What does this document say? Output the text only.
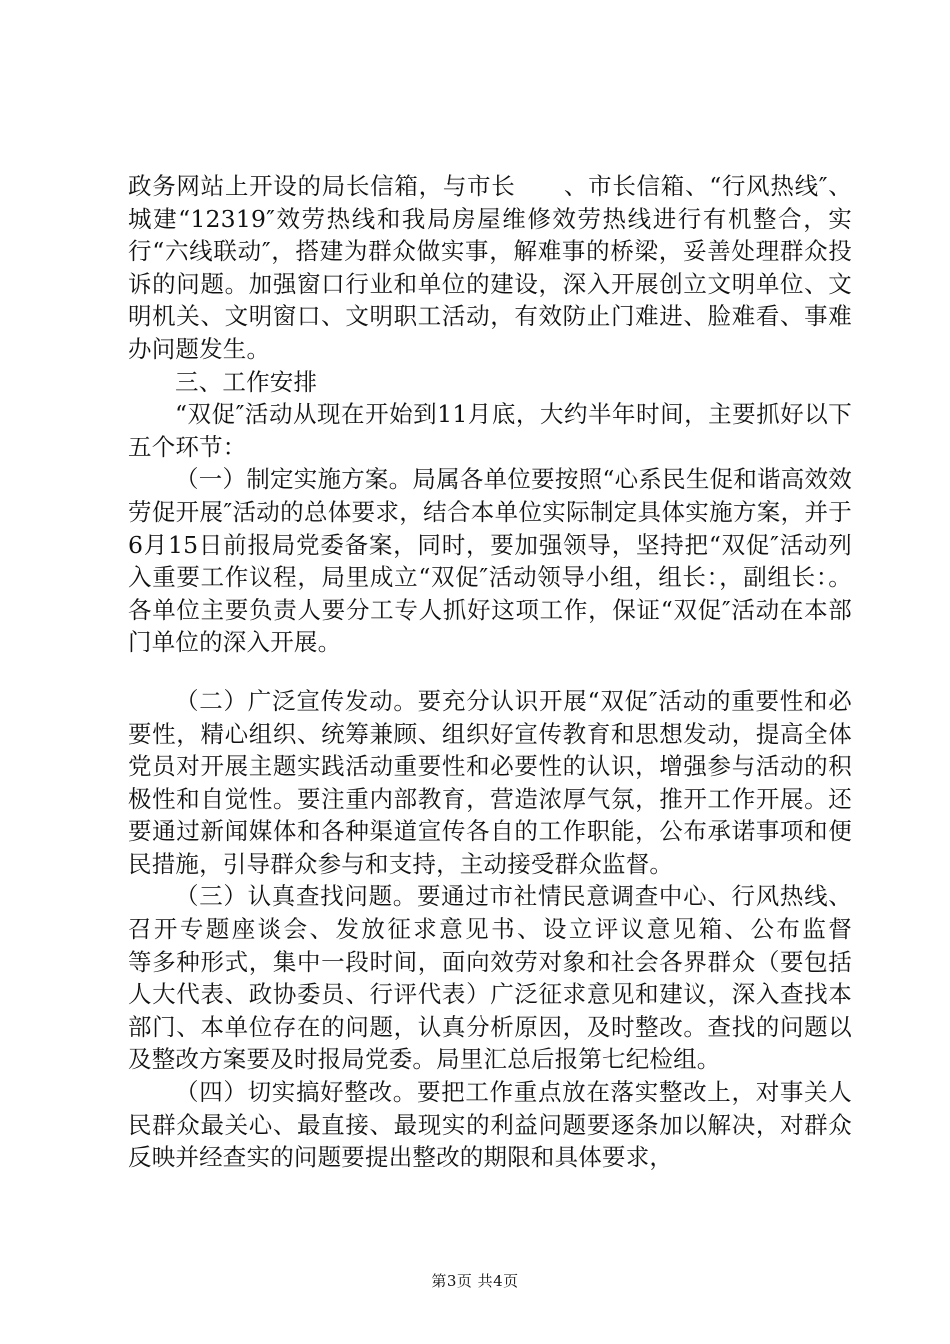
政务网站上开设的局长信箱，与市长　　、市长信箱、“行风热线″、城建“12319″效劳热线和我局房屋维修效劳热线进行有机整合，实行“六线联动″，搭建为群众做实事，解难事的桥梁，妥善处理群众投诉的问题。加强窗口行业和单位的建设，深入开展创立文明单位、文明机关、文明窗口、文明职工活动，有效防止门难进、脸难看、事难办问题发生。

三、工作安排

“双促″活动从现在开始到11月底，大约半年时间，主要抓好以下五个环节：

（一）制定实施方案。局属各单位要按照“心系民生促和谐高效效劳促开展″活动的总体要求，结合本单位实际制定具体实施方案，并于6月15日前报局党委备案，同时，要加强领导，坚持把“双促″活动列入重要工作议程，局里成立“双促″活动领导小组，组长：，副组长：。各单位主要负责人要分工专人抓好这项工作，保证“双促″活动在本部门单位的深入开展。

（二）广泛宣传发动。要充分认识开展“双促″活动的重要性和必要性，精心组织、统筹兼顾、组织好宣传教育和思想发动，提高全体党员对开展主题实践活动重要性和必要性的认识，增强参与活动的积极性和自觉性。要注重内部教育，营造浓厚气氛，推开工作开展。还要通过新闻媒体和各种渠道宣传各自的工作职能，公布承诺事项和便民措施，引导群众参与和支持，主动接受群众监督。

（三）认真查找问题。要通过市社情民意调查中心、行风热线、召开专题座谈会、发放征求意见书、设立评议意见箱、公布监督　　等多种形式，集中一段时间，面向效劳对象和社会各界群众（要包括人大代表、政协委员、行评代表）广泛征求意见和建议，深入查找本部门、本单位存在的问题，认真分析原因，及时整改。查找的问题以及整改方案要及时报局党委。局里汇总后报第七纪检组。

（四）切实搞好整改。要把工作重点放在落实整改上，对事关人民群众最关心、最直接、最现实的利益问题要逐条加以解决，对群众反映并经查实的问题要提出整改的期限和具体要求，

第3页 共4页
